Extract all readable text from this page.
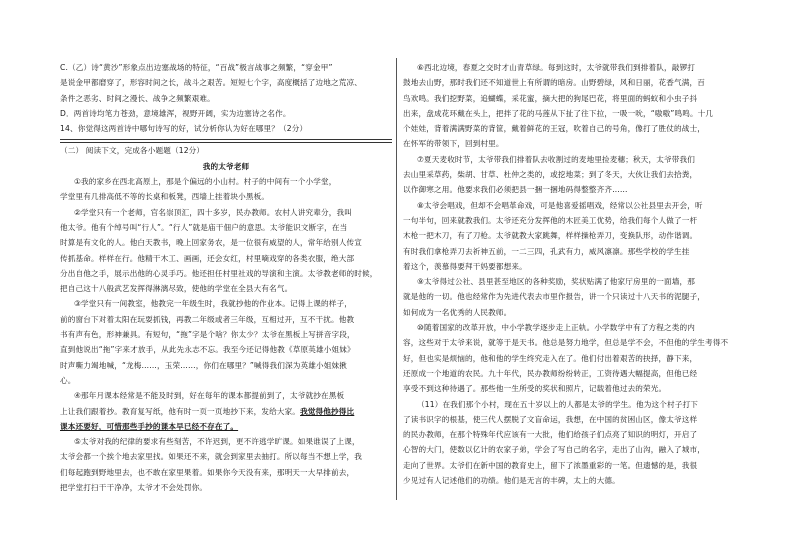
C.（乙）诗“黄沙”形象点出边塞战场的特征，“百战”极言战事之频繁，“穿金甲”
是说金甲都磨穿了，形容时间之长，战斗之艰苦。短短七个字，高度概括了边地之荒凉、
条件之恶劣、时间之漫长、战争之频繁艰难。
D．两首诗均笔力苍劲，意境雄浑，视野开阔，实为边塞诗之名作。
14、你觉得这两首诗中哪句诗写的好，试分析你认为好在哪里？（2分）
（二） 阅读下文，完成各小题题（12分）
我的太爷老师
①我的家乡在西北高原上，那是个偏远的小山村。村子的中间有一个小学堂，
学堂里有几排高低不等的长桌和板凳，西墙上挂着块小黑板。
②学堂只有一个老师，官名崇顶汇，四十多岁，民办教师。农村人讲究辈分，我叫
他太爷。他有个绰号叫“行人”。“行人”就是庙干佃户的意思。太爷能识文断字，在当
时算是有文化的人。他白天教书，晚上回家务农，是一位很有威望的人，常年给别人传宣
传抓基命。样样在行。他精干木工、画画，还会女红，村里嘀戏穿的各类衣服，绝大部
分出自他之手，展示出他的心灵手巧。他还担任村里社戏的导演和主演。太爷教老师的时候，
把自己这十八般武艺发挥得淋漓尽致，使他的学堂在全县大有名气。
③学堂只有一间教室，他教完一年级生时，我就抄他的作业本。记得上课的样子，
前的窗台下对着太阳在玩耍抓钱，再教二年级或者三年级，互相过开，互不干扰。他教
书有声有色，形神兼具。有短句，“拖”字是个啥？你太少？太爷在黑板上写拼音字段，
直到他说出“拖”字来才放手，从此先永志不忘。我至今还记得他教《草原英雄小姐妹》
时声嘶力竭地喊，“龙梅……，玉荣……，你们在哪里？”喊得我们深为英雄小姐妹揪
心。
④那年月课本经常是不能及时到，好在每年的课本都提前到了，太爷就抄在黑板
上让我们跟着抄。教育复写纸，他有时一页一页地抄下来，发给大家。我觉得他抄得比
课本还要好，可惜那些手抄的课本早已经不存在了。
⑤太爷对我的纪律的要求有些刻苦，不许迟到，更不许逃学旷课。如果谁误了上课，
太爷会都一个挨个地去家里找。如果还不来，就会到家里去抽打。所以每当不想上学，我
们每起跑到野地里去，也不敢在家里果着。如果你今天没有来，那明天一大早排前去，
把学堂打扫干干净净，太爷才不会处罚你。
⑥西北边境，春夏之交时才山青草绿。每到这时，太爷就带我们到排着队，敲锣打
鼓地去山野，那时我们还不知道世上有所谓的暗房。山野碧绿，风和日丽，花香气满，百
鸟欢鸣。我们挖野菜，追蝴蝶，采花蜜，摘大把的狗尾巴花，将里面的蚂蚁和小虫子抖
出来，盘成花环戴在头上，把拌了花的马莲从下扯了往下拉，一吸一吮，“嗷嗷”鸣鸣。十几
个娃娃，背着满满野菜的背筐，戴着鲜花的王冠，吹着自己的号角，像打了胜仗的战士，
在怀军的带领下，回到村里。
⑦夏天麦收时节，太爷带我们排着队去收割过的麦地里捡麦穗；秋天，太爷带我们
去山里采草药，柴胡、甘草、杜仲之类的，或挖地菜；到了冬天，大伙让我们去拾粪，
以作御寒之用。他要求我们必须把县一捆一捆地码得整整齐齐……
⑧太爷会唱戏，但却不会唱革命戏，可是他喜爱摇唱戏，经常以公社县里去开会，听
一句半句，回来就教我们。太爷还充分发挥他的木匠美工优势，给我们每个人做了一杆
木枪一把木刀，有了刀枪。太爷就教大家跳舞，样样操枪弄刀，变换队形，动作谐调。
有时我们拿枪弄刀去祈神五前，一二三四，孔武有力，威风凛凛。那些学校的学生挂
着这个，羡慕得要拜干妈要都想来。
⑨太爷得过公社、县里甚至地区的各种奖励，奖状贴满了他家厅房里的一面墙，那
就是他的一切。他也经常作为先进代表去市里作报告，讲一个只读过十八天书的泥腿子，
如何成为一名优秀的人民教师。
⑩随着国家的改革开放，中小学教学逐步走上正轨。小学数学中有了方程之类的内
容，这些对于太爷来说，就等于是天书。他总是努力地学，但总是学不会，不但他的学生考得不
好，但也实是烦恼的，他和他的学生终究走入在了。他们付出着艰苦的抉择，静下来，
还原成一个地道的农民。九十年代，民办教师纷纷转正，工资待遇大幅提高，但他已经
享受不到这种待遇了。那些他一生所受的奖状和照片，记载着他过去的荣光。
（11）在我们那个小村，现在五十岁以上的人都是太爷的学生。他为这个村子打下
了读书识字的根基，使三代人摆脱了文盲命运，我想，在中国的贫困山区，像太爷这样
的民办教师，在那个特殊年代应该有一大批，他们给孩子们点亮了知识的明灯，开启了
心智的大门，使数以亿计的农家子弟，学会了写自己的名字，走出了山沟，融入了城市，
走向了世界。太爷们在新中国的教育史上，留下了浓墨重彩的一笔。但遗憾的是，我很
少见过有人记述他们的功绩。他们是无言的丰碑，太上的大德。
